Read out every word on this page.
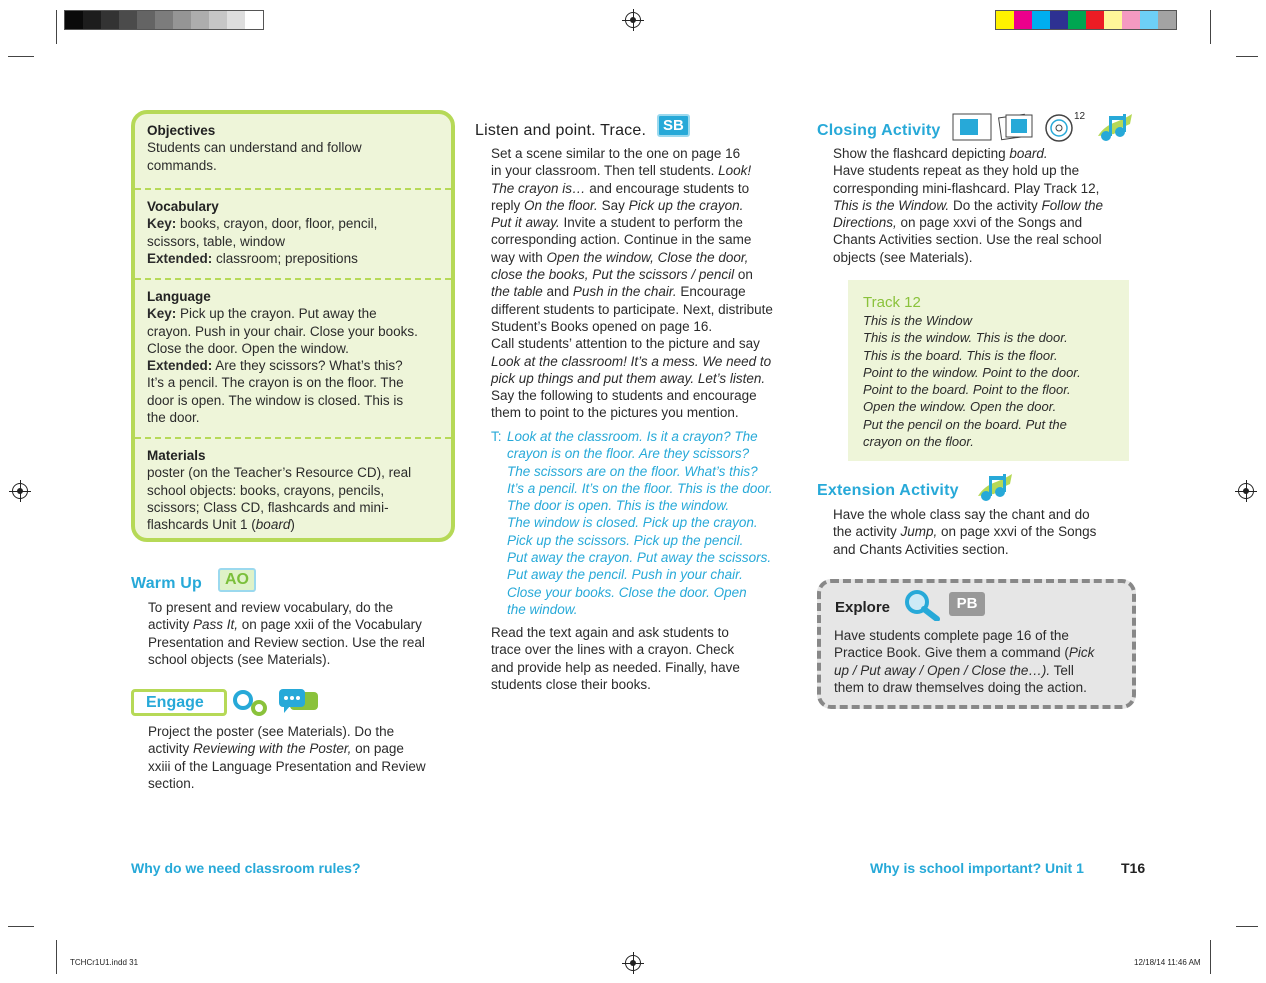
TCHCr1U1.indd 31	12/18/14 11:46 AM
Objectives
Students can understand and follow
commands.
Vocabulary
Key: books, crayon, door, floor, pencil,
scissors, table, window
Extended: classroom; prepositions
Language
Key: Pick up the crayon. Put away the
crayon. Push in your chair. Close your books.
Close the door. Open the window.
Extended: Are they scissors? What’s this?
It’s a pencil. The crayon is on the floor. The
door is open. The window is closed. This is
the door.
Materials
poster (on the Teacher’s Resource CD), real
school objects: books, crayons, pencils,
scissors; Class CD, flashcards and mini-
flashcards Unit 1 (board)
Warm Up	AO
To present and review vocabulary, do the
activity Pass It, on page xxii of the Vocabulary
Presentation and Review section. Use the real
school objects (see Materials).
Engage
Project the poster (see Materials). Do the
activity Reviewing with the Poster, on page
xxiii of the Language Presentation and Review
section.
Listen and point. Trace.	SB
Set a scene similar to the one on page 16
in your classroom. Then tell students. Look!
The crayon is… and encourage students to
reply On the floor. Say Pick up the crayon.
Put it away. Invite a student to perform the
corresponding action. Continue in the same
way with Open the window, Close the door,
close the books, Put the scissors / pencil on
the table and Push in the chair. Encourage
different students to participate. Next, distribute
Student’s Books opened on page 16.
Call students’ attention to the picture and say
Look at the classroom! It’s a mess. We need to
pick up things and put them away. Let’s listen.
Say the following to students and encourage
them to point to the pictures you mention.
T: Look at the classroom. Is it a crayon? The
crayon is on the floor. Are they scissors?
The scissors are on the floor. What’s this?
It’s a pencil. It’s on the floor. This is the door.
The door is open. This is the window.
The window is closed. Pick up the crayon.
Pick up the scissors. Pick up the pencil.
Put away the crayon. Put away the scissors.
Put away the pencil. Push in your chair.
Close your books. Close the door. Open
the window.
Read the text again and ask students to
trace over the lines with a crayon. Check
and provide help as needed. Finally, have
students close their books.
Closing Activity
12
Show the flashcard depicting board.
Have students repeat as they hold up the
corresponding mini-flashcard. Play Track 12,
This is the Window. Do the activity Follow the
Directions, on page xxvi of the Songs and
Chants Activities section. Use the real school
objects (see Materials).
Track 12
This is the Window
This is the window. This is the door.
This is the board. This is the floor.
Point to the window. Point to the door.
Point to the board. Point to the floor.
Open the window. Open the door.
Put the pencil on the board. Put the
crayon on the floor.
Extension Activity
Have the whole class say the chant and do
the activity Jump, on page xxvi of the Songs
and Chants Activities section.
Explore	PB
Have students complete page 16 of the
Practice Book. Give them a command (Pick
up / Put away / Open / Close the…). Tell
them to draw themselves doing the action.
Why do we need classroom rules?	Why is school important? Unit 1	T16
